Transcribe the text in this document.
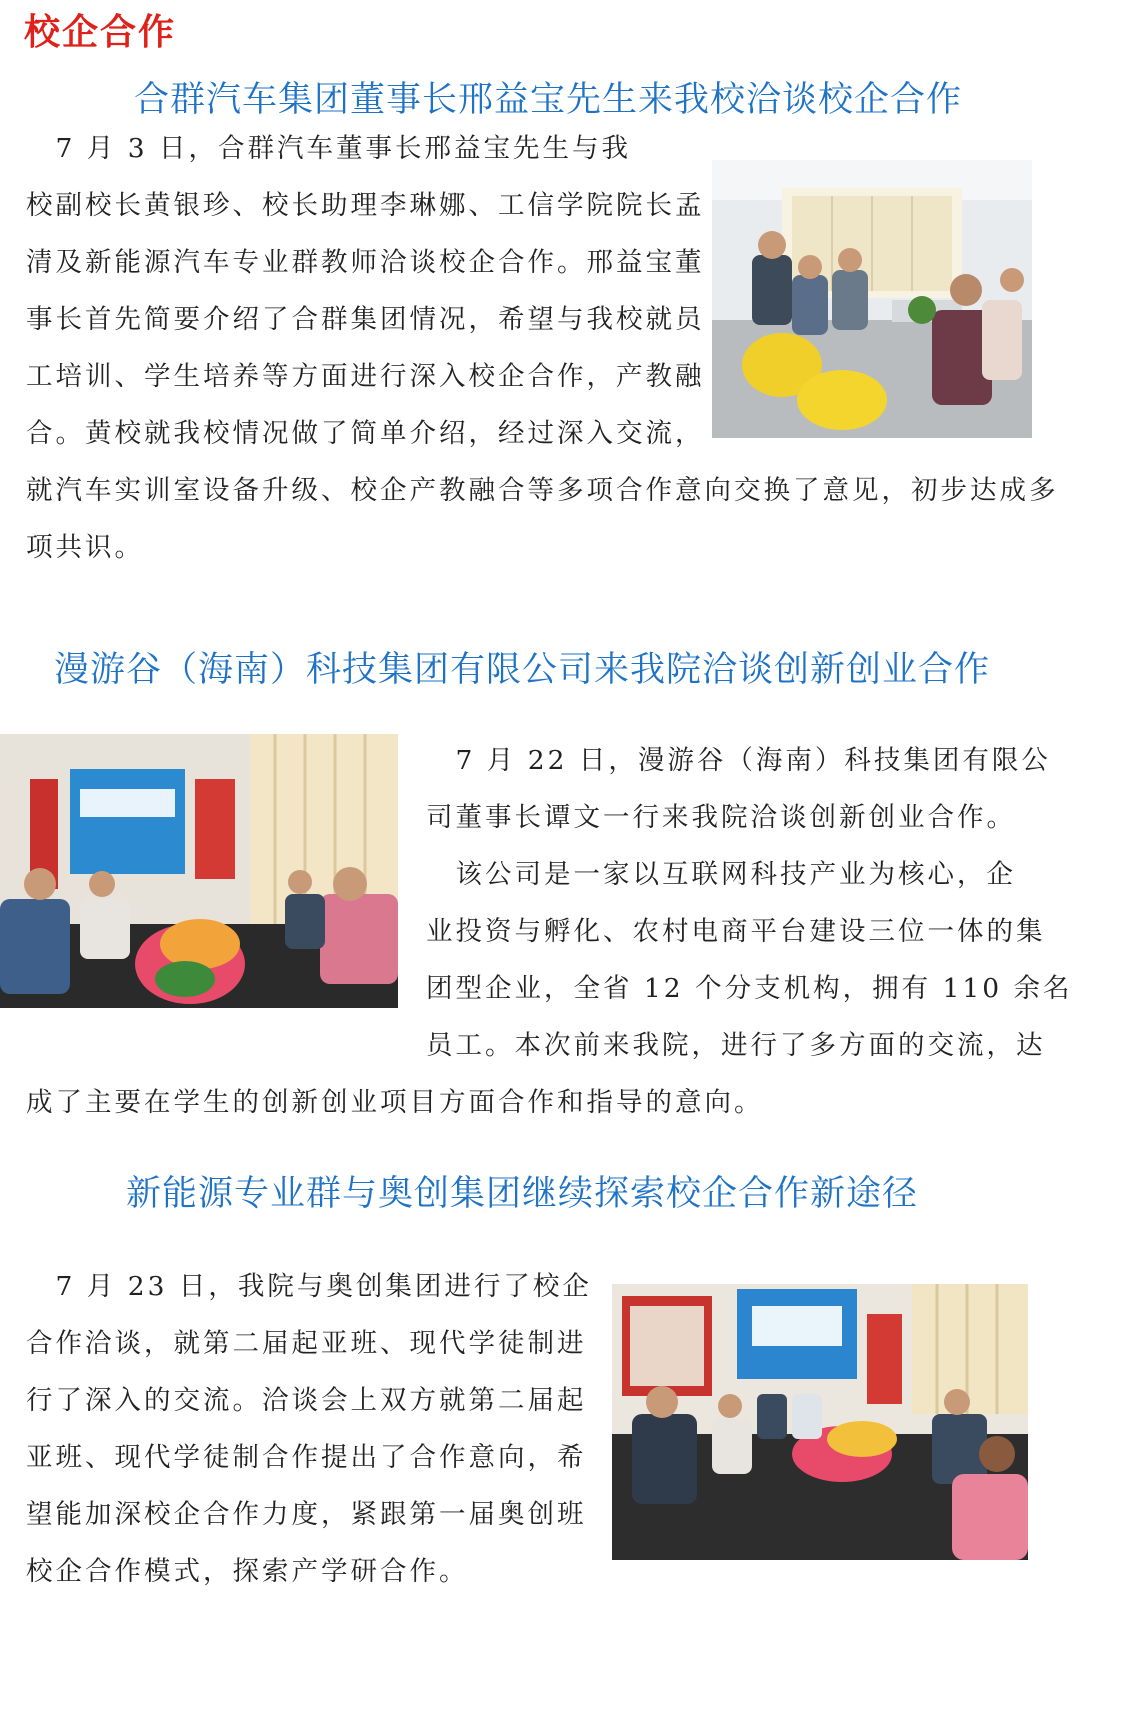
校企合作
合群汽车集团董事长邢益宝先生来我校洽谈校企合作

　7 月 3 日，合群汽车董事长邢益宝先生与我

校副校长黄银珍、校长助理李琳娜、工信学院院长孟

清及新能源汽车专业群教师洽谈校企合作。邢益宝董

事长首先简要介绍了合群集团情况，希望与我校就员

工培训、学生培养等方面进行深入校企合作，产教融

合。黄校就我校情况做了简单介绍，经过深入交流，

就汽车实训室设备升级、校企产教融合等多项合作意向交换了意见，初步达成多

项共识。

漫游谷（海南）科技集团有限公司来我院洽谈创新创业合作

　7 月 22 日，漫游谷（海南）科技集团有限公

司董事长谭文一行来我院洽谈创新创业合作。

　该公司是一家以互联网科技产业为核心，企

业投资与孵化、农村电商平台建设三位一体的集

团型企业，全省 12 个分支机构，拥有 110 余名

员工。本次前来我院，进行了多方面的交流，达

成了主要在学生的创新创业项目方面合作和指导的意向。

新能源专业群与奥创集团继续探索校企合作新途径

　7 月 23 日，我院与奥创集团进行了校企

合作洽谈，就第二届起亚班、现代学徒制进

行了深入的交流。洽谈会上双方就第二届起

亚班、现代学徒制合作提出了合作意向，希

望能加深校企合作力度，紧跟第一届奥创班

校企合作模式，探索产学研合作。
